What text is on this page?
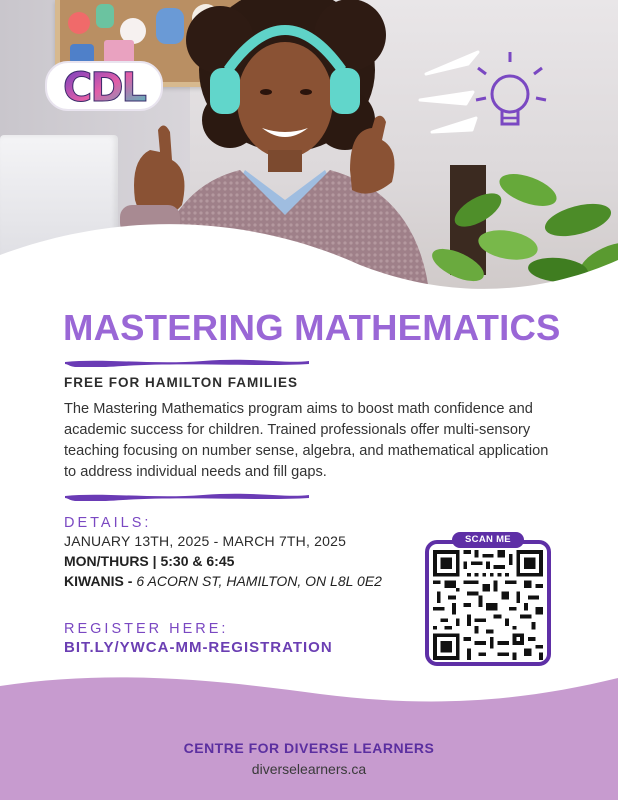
CDL
MASTERING MATHEMATICS
FREE FOR HAMILTON FAMILIES
The Mastering Mathematics program aims to boost math confidence and academic success for children. Trained professionals offer multi-sensory teaching focusing on number sense, algebra, and mathematical application to address individual needs and fill gaps.
DETAILS:
JANUARY 13TH, 2025 - MARCH 7TH, 2025
MON/THURS | 5:30 & 6:45
KIWANIS - 6 ACORN ST, HAMILTON, ON L8L 0E2
REGISTER HERE:
BIT.LY/YWCA-MM-REGISTRATION
SCAN ME
CENTRE FOR DIVERSE LEARNERS
diverselearners.ca
